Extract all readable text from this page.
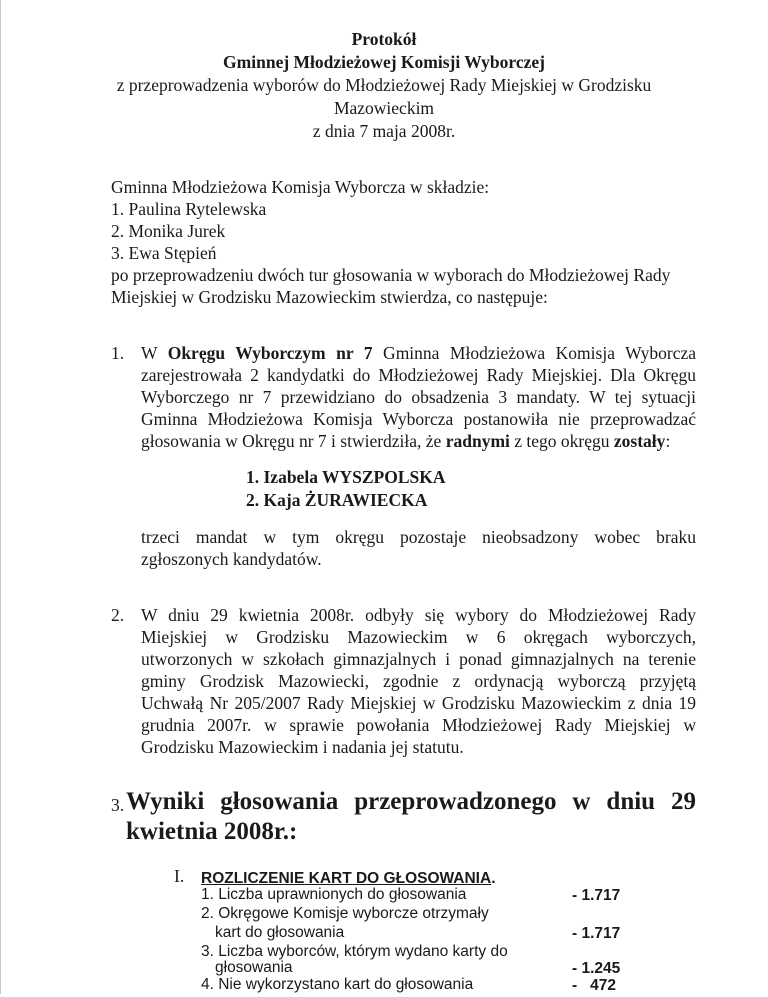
Protokół
Gminnej Młodzieżowej Komisji Wyborczej
z przeprowadzenia wyborów do Młodzieżowej Rady Miejskiej w Grodzisku
Mazowieckim
z dnia 7 maja 2008r.
Gminna Młodzieżowa Komisja Wyborcza w składzie:
1. Paulina Rytelewska
2. Monika Jurek
3. Ewa Stępień
po przeprowadzeniu dwóch tur głosowania w wyborach do Młodzieżowej Rady
Miejskiej w Grodzisku Mazowieckim stwierdza, co następuje:
1. W Okręgu Wyborczym nr 7 Gminna Młodzieżowa Komisja Wyborcza
zarejestrowała 2 kandydatki do Młodzieżowej Rady Miejskiej. Dla Okręgu
Wyborczego nr 7 przewidziano do obsadzenia 3 mandaty. W tej sytuacji
Gminna Młodzieżowa Komisja Wyborcza postanowiła nie przeprowadzać
głosowania w Okręgu nr 7 i stwierdziła, że radnymi z tego okręgu zostały:
1. Izabela WYSZPOLSKA
2. Kaja ŻURAWIECKA
trzeci mandat w tym okręgu pozostaje nieobsadzony wobec braku
zgłoszonych kandydatów.
2. W dniu 29 kwietnia 2008r. odbyły się wybory do Młodzieżowej Rady
Miejskiej w Grodzisku Mazowieckim w 6 okręgach wyborczych,
utworzonych w szkołach gimnazjalnych i ponad gimnazjalnych na terenie
gminy Grodzisk Mazowiecki, zgodnie z ordynacją wyborczą przyjętą
Uchwałą Nr 205/2007 Rady Miejskiej w Grodzisku Mazowieckim z dnia 19
grudnia 2007r. w sprawie powołania Młodzieżowej Rady Miejskiej w
Grodzisku Mazowieckim i nadania jej statutu.
3. Wyniki głosowania przeprowadzonego w dniu 29
kwietnia 2008r.:
I. ROZLICZENIE KART DO GŁOSOWANIA.
1. Liczba uprawnionych do głosowania	- 1.717
2. Okręgowe Komisje wyborcze otrzymały
kart do głosowania	- 1.717
3. Liczba wyborców, którym wydano karty do
głosowania	- 1.245
4. Nie wykorzystano kart do głosowania	-   472
